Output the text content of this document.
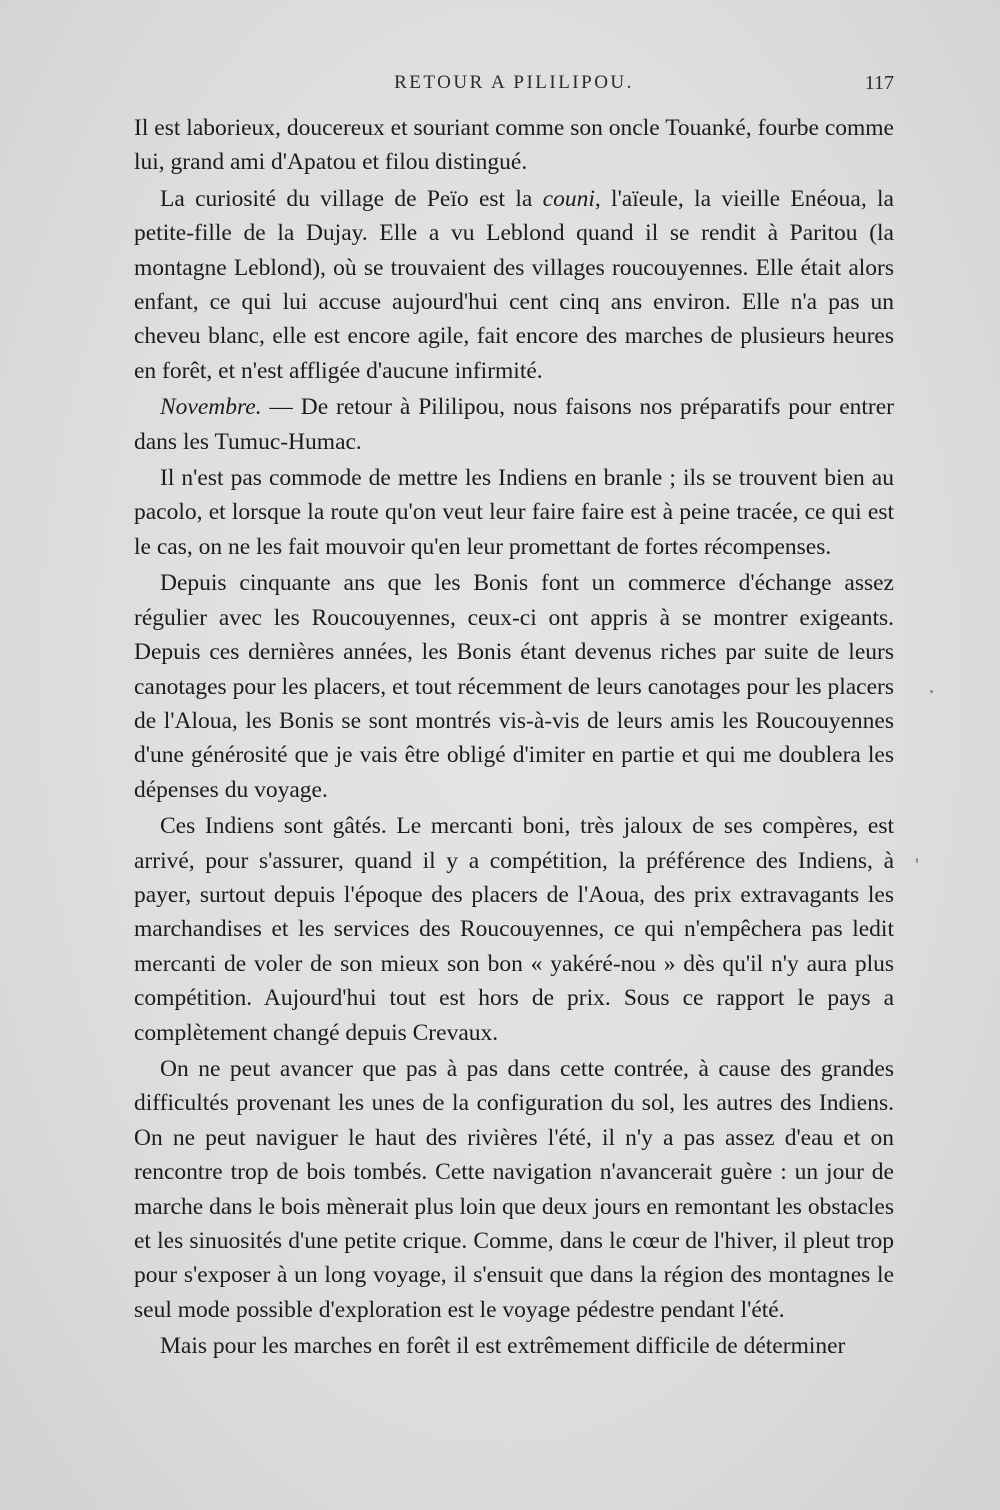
RETOUR A PILILIPOU.	117

Il est laborieux, doucereux et souriant comme son oncle Touanké, fourbe comme lui, grand ami d'Apatou et filou distingué.

La curiosité du village de Peïo est la couni, l'aïeule, la vieille Enéoua, la petite-fille de la Dujay. Elle a vu Leblond quand il se rendit à Paritou (la montagne Leblond), où se trouvaient des villages roucouyennes. Elle était alors enfant, ce qui lui accuse aujourd'hui cent cinq ans environ. Elle n'a pas un cheveu blanc, elle est encore agile, fait encore des marches de plusieurs heures en forêt, et n'est affligée d'aucune infirmité.

Novembre. — De retour à Pililipou, nous faisons nos préparatifs pour entrer dans les Tumuc-Humac.

Il n'est pas commode de mettre les Indiens en branle ; ils se trouvent bien au pacolo, et lorsque la route qu'on veut leur faire faire est à peine tracée, ce qui est le cas, on ne les fait mouvoir qu'en leur promettant de fortes récompenses.

Depuis cinquante ans que les Bonis font un commerce d'échange assez régulier avec les Roucouyennes, ceux-ci ont appris à se montrer exigeants. Depuis ces dernières années, les Bonis étant devenus riches par suite de leurs canotages pour les placers, et tout récemment de leurs canotages pour les placers de l'Aloua, les Bonis se sont montrés vis-à-vis de leurs amis les Roucouyennes d'une générosité que je vais être obligé d'imiter en partie et qui me doublera les dépenses du voyage.

Ces Indiens sont gâtés. Le mercanti boni, très jaloux de ses compères, est arrivé, pour s'assurer, quand il y a compétition, la préférence des Indiens, à payer, surtout depuis l'époque des placers de l'Aoua, des prix extravagants les marchandises et les services des Roucouyennes, ce qui n'empêchera pas ledit mercanti de voler de son mieux son bon « yakéré-nou » dès qu'il n'y aura plus compétition. Aujourd'hui tout est hors de prix. Sous ce rapport le pays a complètement changé depuis Crevaux.

On ne peut avancer que pas à pas dans cette contrée, à cause des grandes difficultés provenant les unes de la configuration du sol, les autres des Indiens. On ne peut naviguer le haut des rivières l'été, il n'y a pas assez d'eau et on rencontre trop de bois tombés. Cette navigation n'avancerait guère : un jour de marche dans le bois mènerait plus loin que deux jours en remontant les obstacles et les sinuosités d'une petite crique. Comme, dans le cœur de l'hiver, il pleut trop pour s'exposer à un long voyage, il s'ensuit que dans la région des montagnes le seul mode possible d'exploration est le voyage pédestre pendant l'été.

Mais pour les marches en forêt il est extrêmement difficile de déterminer
